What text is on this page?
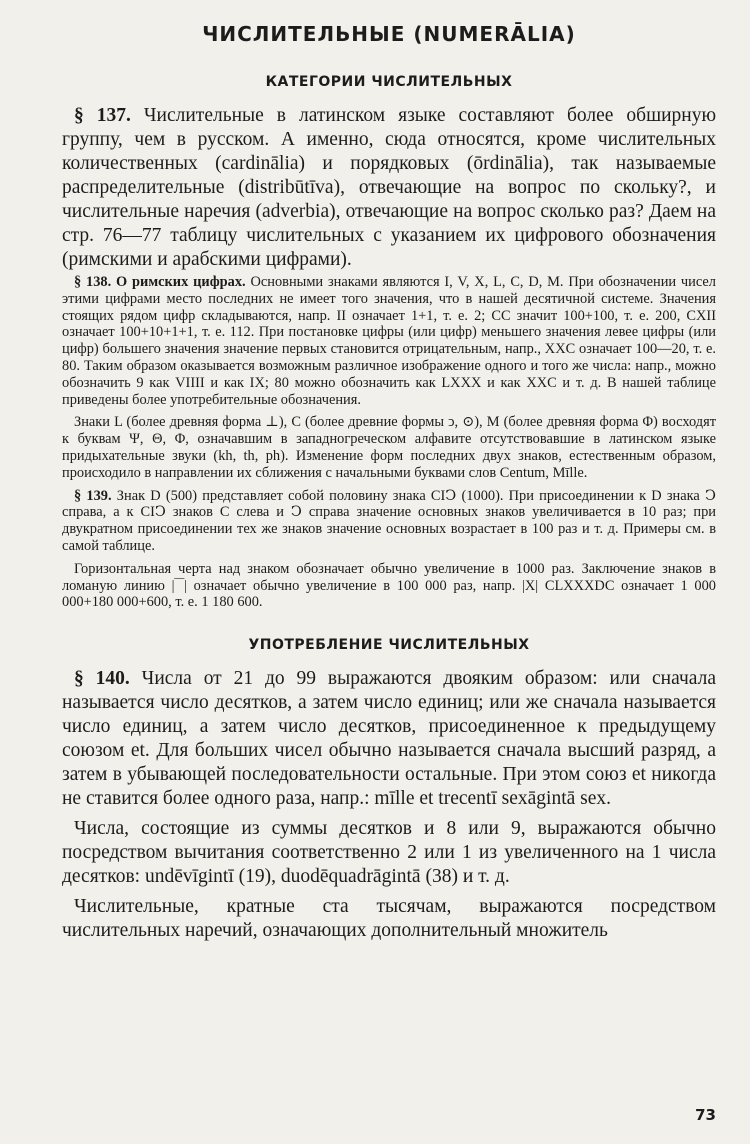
ЧИСЛИТЕЛЬНЫЕ (NUMERĀLIA)
КАТЕГОРИИ ЧИСЛИТЕЛЬНЫХ

§ 137. Числительные в латинском языке составляют более обширную группу, чем в русском. А именно, сюда относятся, кроме числительных количественных (cardinālia) и порядковых (ōrdinālia), так называемые распределительные (distribūtīva), отвечающие на вопрос по скольку?, и числительные наречия (adverbia), отвечающие на вопрос сколько раз? Даем на стр. 76—77 таблицу числительных с указанием их цифрового обозначения (римскими и арабскими цифрами).

§ 138. О римских цифрах. Основными знаками являются I, V, X, L, C, D, M. При обозначении чисел этими цифрами место последних не имеет того значения, что в нашей десятичной системе. Значения стоящих рядом цифр складываются, напр. II означает 1+1, т. е. 2; CC значит 100+100, т. е. 200, CXII означает 100+10+1+1, т. е. 112. При постановке цифры (или цифр) меньшего значения левее цифры (или цифр) большего значения значение первых становится отрицательным, напр., XXC означает 100—20, т. е. 80. Таким образом оказывается возможным различное изображение одного и того же числа: напр., можно обозначить 9 как VIIII и как IX; 80 можно обозначить как LXXX и как XXC и т. д. В нашей таблице приведены более употребительные обозначения.

Знаки L (более древняя форма ⊥), C (более древние формы ↄ, ⊙), M (более древняя форма Φ) восходят к буквам Ψ, Θ, Φ, означавшим в западногреческом алфавите отсутствовавшие в латинском языке придыхательные звуки (kh, th, ph). Изменение форм последних двух знаков, естественным образом, происходило в направлении их сближения с начальными буквами слов Centum, Mīlle.

§ 139. Знак D (500) представляет собой половину знака CIↃ (1000). При присоединении к D знака Ↄ справа, а к CIↃ знаков C слева и Ↄ справа значение основных знаков увеличивается в 10 раз; при двукратном присоединении тех же знаков значение основных возрастает в 100 раз и т. д. Примеры см. в самой таблице.

Горизонтальная черта над знаком обозначает обычно увеличение в 1000 раз. Заключение знаков в ломаную линию |‾‾| означает обычно увеличение в 100 000 раз, напр. |X| CLXXXDC означает 1 000 000+180 000+600, т. е. 1 180 600.

УПОТРЕБЛЕНИЕ ЧИСЛИТЕЛЬНЫХ

§ 140. Числа от 21 до 99 выражаются двояким образом: или сначала называется число десятков, а затем число единиц; или же сначала называется число единиц, а затем число десятков, присоединенное к предыдущему союзом et. Для больших чисел обычно называется сначала высший разряд, а затем в убывающей последовательности остальные. При этом союз et никогда не ставится более одного раза, напр.: mīlle et trecentī sexāgintā sex.

Числа, состоящие из суммы десятков и 8 или 9, выражаются обычно посредством вычитания соответственно 2 или 1 из увеличенного на 1 числа десятков: undēvīgintī (19), duodēquadrāgintā (38) и т. д.

Числительные, кратные ста тысячам, выражаются посредством числительных наречий, означающих дополнительный множитель

73
